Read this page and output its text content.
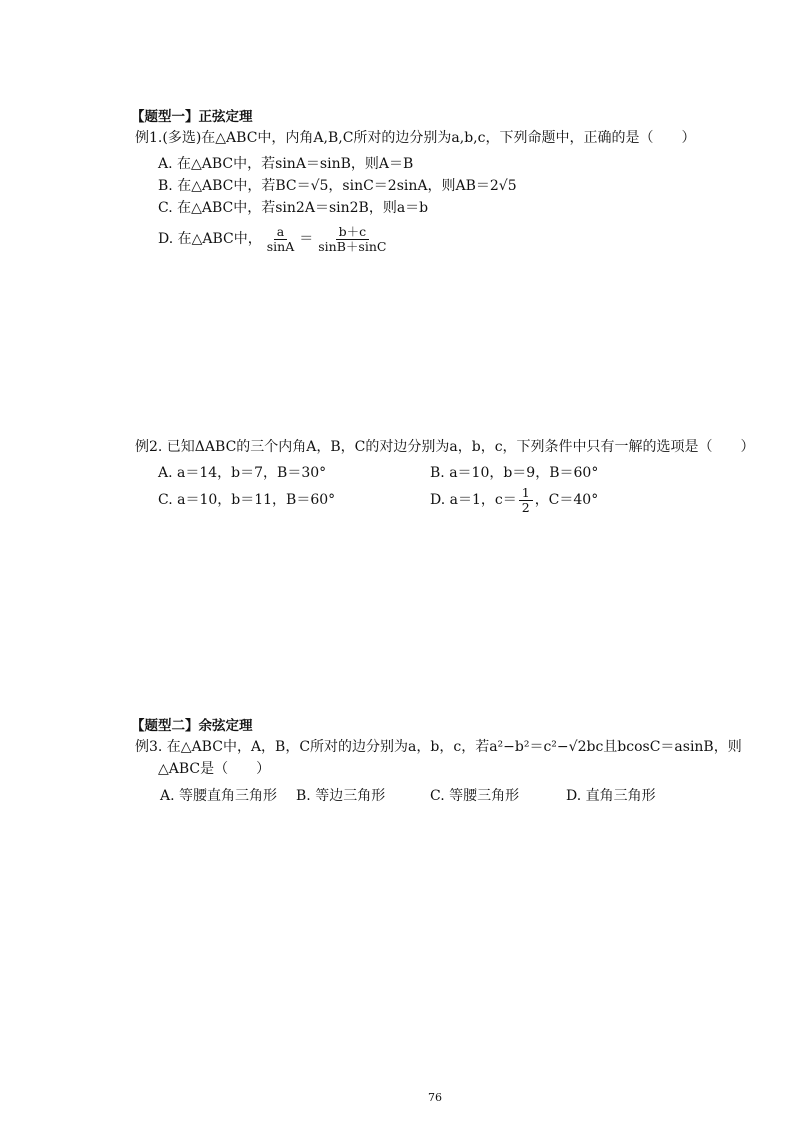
【题型一】正弦定理
例1.(多选)在△ABC中，内角A,B,C所对的边分别为a,b,c，下列命题中，正确的是（　　）
A. 在△ABC中，若sinA＝sinB，则A＝B
B. 在△ABC中，若BC＝√5，sinC＝2sinA，则AB＝2√5
C. 在△ABC中，若sin2A＝sin2B，则a＝b
D. 在△ABC中， $\frac{a}{\sin A} = \frac{b+c}{\sin B+\sin C}$
例2. 已知ΔABC的三个内角A，B，C的对边分别为a，b，c，下列条件中只有一解的选项是（　　）
A. a＝14，b＝7，B＝30°	B. a＝10，b＝9，B＝60°
C. a＝10，b＝11，B＝60°	D. a＝1，$c= \frac{1}{2}$ ，C＝40°
【题型二】余弦定理
例3. 在△ABC中，A，B，C所对的边分别为a，b，c，若a²−b²＝c²−√2bc且bcosC＝asinB，则
△ABC是（　　）
A. 等腰直角三角形 B. 等边三角形	C. 等腰三角形	D. 直角三角形
76
